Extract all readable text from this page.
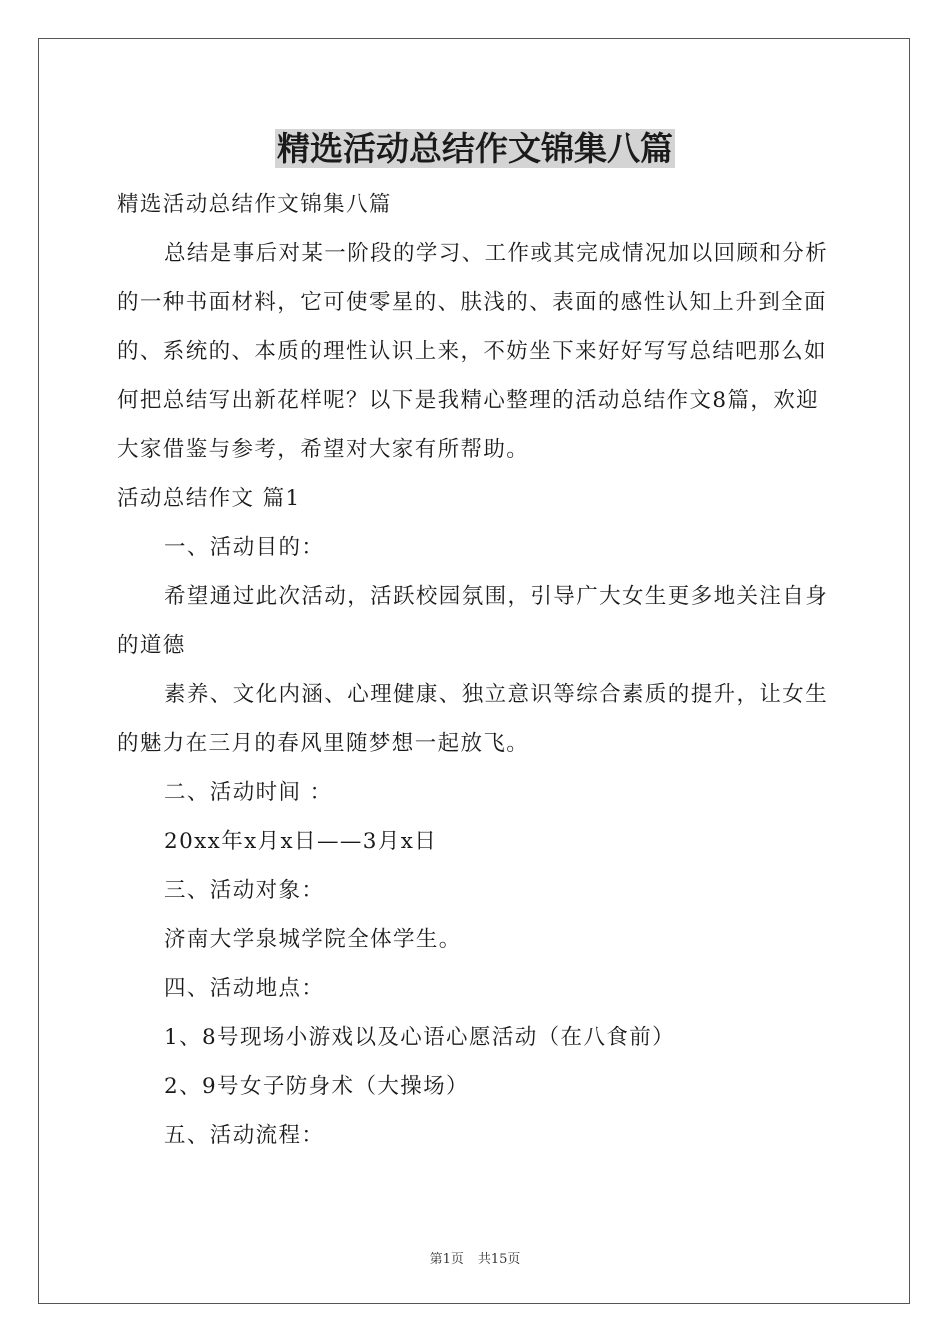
精选活动总结作文锦集八篇

精选活动总结作文锦集八篇

总结是事后对某一阶段的学习、工作或其完成情况加以回顾和分析的一种书面材料，它可使零星的、肤浅的、表面的感性认知上升到全面的、系统的、本质的理性认识上来，不妨坐下来好好写写总结吧那么如何把总结写出新花样呢？以下是我精心整理的活动总结作文8篇，欢迎大家借鉴与参考，希望对大家有所帮助。

活动总结作文 篇1

一、活动目的：

希望通过此次活动，活跃校园氛围，引导广大女生更多地关注自身的道德

素养、文化内涵、心理健康、独立意识等综合素质的提升，让女生的魅力在三月的春风里随梦想一起放飞。

二、活动时间 ：

20xx年x月x日——3月x日

三、活动对象：

济南大学泉城学院全体学生。

四、活动地点：

1、8号现场小游戏以及心语心愿活动（在八食前）

2、9号女子防身术（大操场）

五、活动流程：

第1页 共15页
